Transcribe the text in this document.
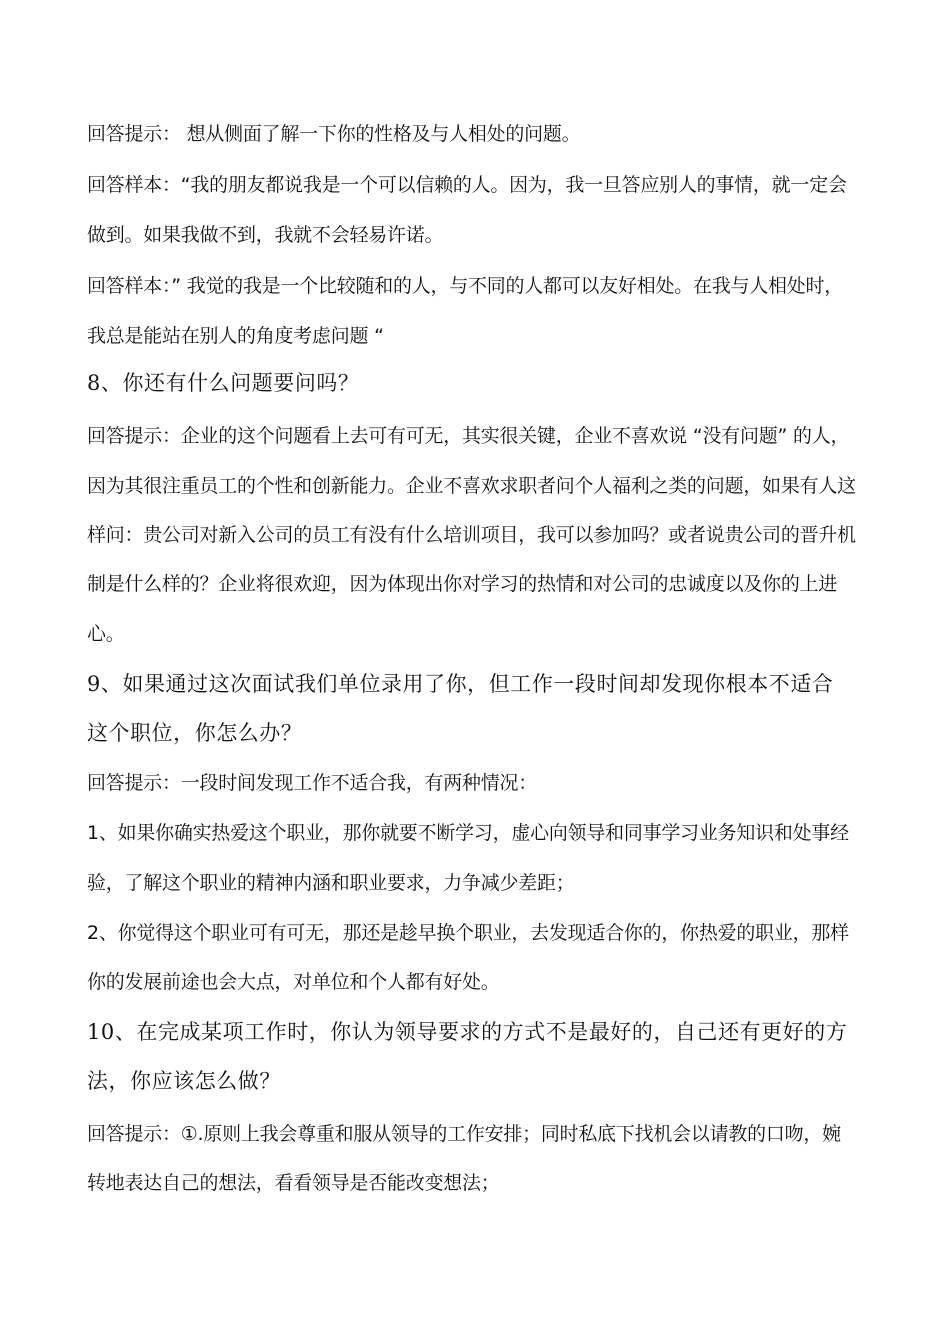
回答提示： 想从侧面了解一下你的性格及与人相处的问题。
回答样本：“我的朋友都说我是一个可以信赖的人。因为，我一旦答应别人的事情，就一定会
做到。如果我做不到，我就不会轻易许诺。
回答样本：” 我觉的我是一个比较随和的人，与不同的人都可以友好相处。在我与人相处时，
我总是能站在别人的角度考虑问题 “
8、你还有什么问题要问吗？
回答提示：企业的这个问题看上去可有可无，其实很关键，企业不喜欢说 “没有问题” 的人，
因为其很注重员工的个性和创新能力。企业不喜欢求职者问个人福利之类的问题，如果有人这
样问：贵公司对新入公司的员工有没有什么培训项目，我可以参加吗？或者说贵公司的晋升机
制是什么样的？企业将很欢迎，因为体现出你对学习的热情和对公司的忠诚度以及你的上进
心。
9、如果通过这次面试我们单位录用了你，但工作一段时间却发现你根本不适合
这个职位，你怎么办？
回答提示：一段时间发现工作不适合我，有两种情况：
1、如果你确实热爱这个职业，那你就要不断学习，虚心向领导和同事学习业务知识和处事经
验，了解这个职业的精神内涵和职业要求，力争减少差距；
2、你觉得这个职业可有可无，那还是趁早换个职业，去发现适合你的，你热爱的职业，那样
你的发展前途也会大点，对单位和个人都有好处。
10、在完成某项工作时，你认为领导要求的方式不是最好的，自己还有更好的方
法，你应该怎么做？
回答提示：①.原则上我会尊重和服从领导的工作安排；同时私底下找机会以请教的口吻，婉
转地表达自己的想法，看看领导是否能改变想法；
